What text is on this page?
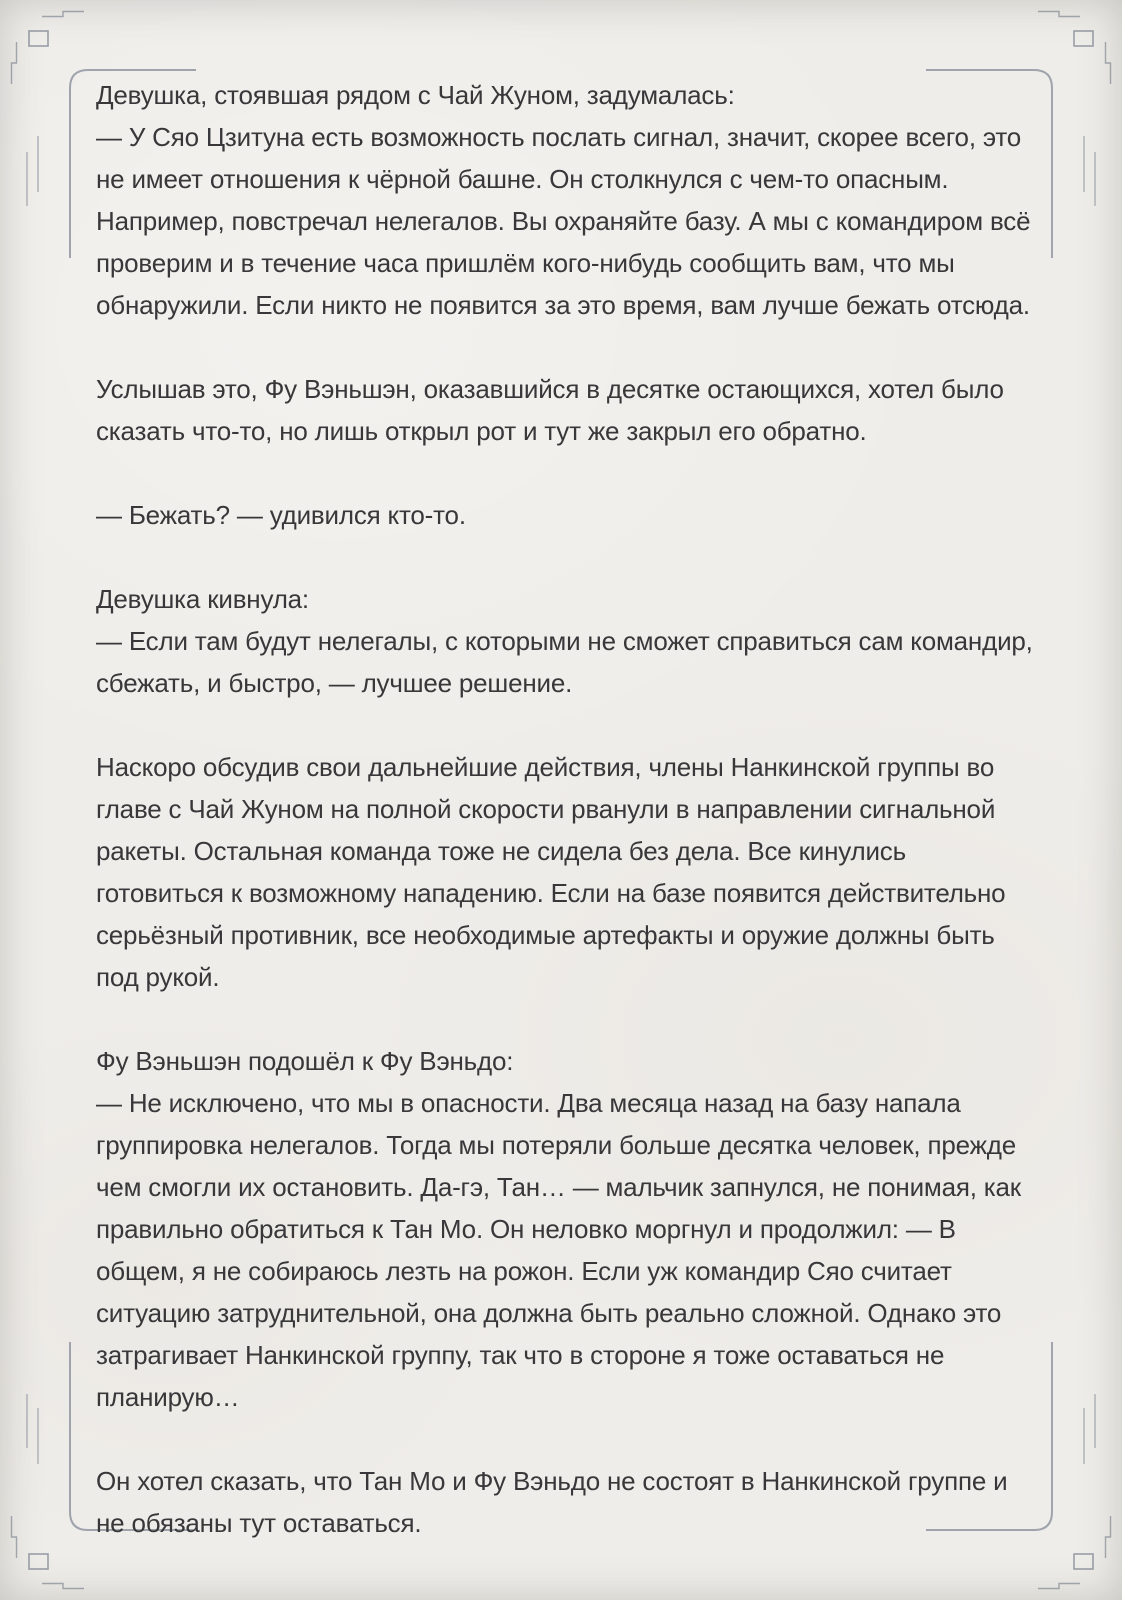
Девушка, стоявшая рядом с Чай Жуном, задумалась:
— У Сяо Цзитуна есть возможность послать сигнал, значит, скорее всего, это не имеет отношения к чёрной башне. Он столкнулся с чем-то опасным. Например, повстречал нелегалов. Вы охраняйте базу. А мы с командиром всё проверим и в течение часа пришлём кого-нибудь сообщить вам, что мы обнаружили. Если никто не появится за это время, вам лучше бежать отсюда.

Услышав это, Фу Вэньшэн, оказавшийся в десятке остающихся, хотел было сказать что-то, но лишь открыл рот и тут же закрыл его обратно.

— Бежать? — удивился кто-то.

Девушка кивнула:
— Если там будут нелегалы, с которыми не сможет справиться сам командир, сбежать, и быстро, — лучшее решение.

Наскоро обсудив свои дальнейшие действия, члены Нанкинской группы во главе с Чай Жуном на полной скорости рванули в направлении сигнальной ракеты. Остальная команда тоже не сидела без дела. Все кинулись готовиться к возможному нападению. Если на базе появится действительно серьёзный противник, все необходимые артефакты и оружие должны быть под рукой.

Фу Вэньшэн подошёл к Фу Вэньдо:
— Не исключено, что мы в опасности. Два месяца назад на базу напала группировка нелегалов. Тогда мы потеряли больше десятка человек, прежде чем смогли их остановить. Да-гэ, Тан… — мальчик запнулся, не понимая, как правильно обратиться к Тан Мо. Он неловко моргнул и продолжил: — В общем, я не собираюсь лезть на рожон. Если уж командир Сяо считает ситуацию затруднительной, она должна быть реально сложной. Однако это затрагивает Нанкинской группу, так что в стороне я тоже оставаться не планирую…

Он хотел сказать, что Тан Мо и Фу Вэньдо не состоят в Нанкинской группе и не обязаны тут оставаться.
